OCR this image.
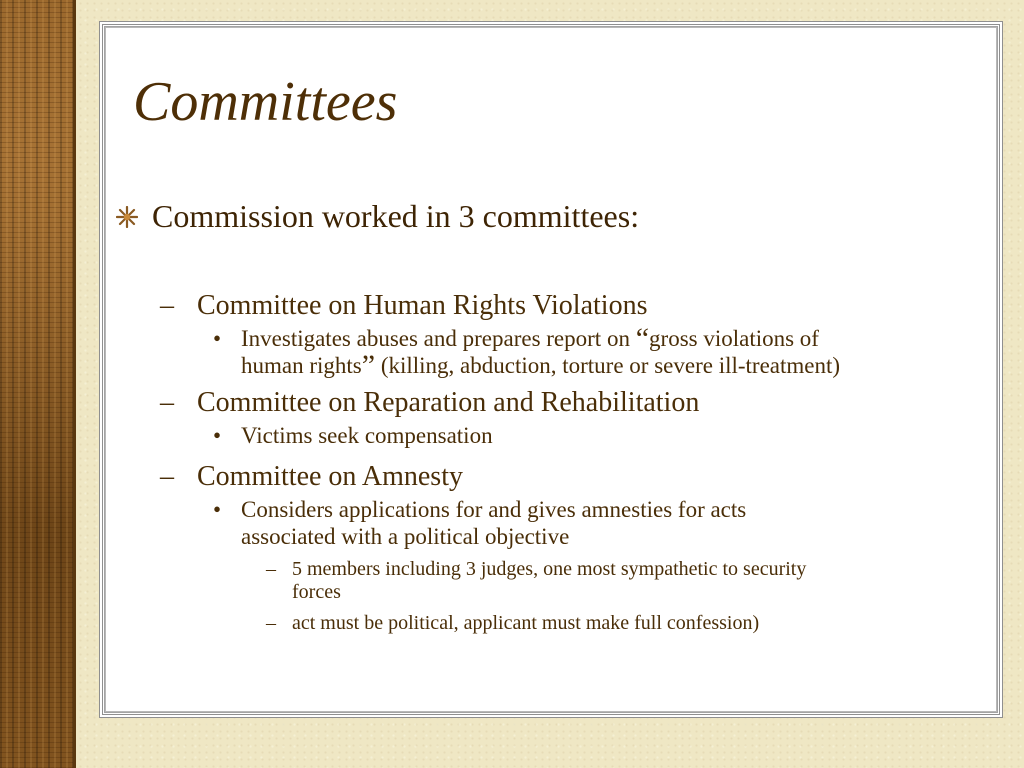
Committees
Commission worked in 3 committees:
– Committee on Human Rights Violations
• Investigates abuses and prepares report on “gross violations of
human rights” (killing, abduction, torture or severe ill-treatment)
– Committee on Reparation and Rehabilitation
• Victims seek compensation
– Committee on Amnesty
• Considers applications for and gives amnesties for acts
associated with a political objective
– 5 members including 3 judges, one most sympathetic to security
forces
– act must be political, applicant must make full confession)
